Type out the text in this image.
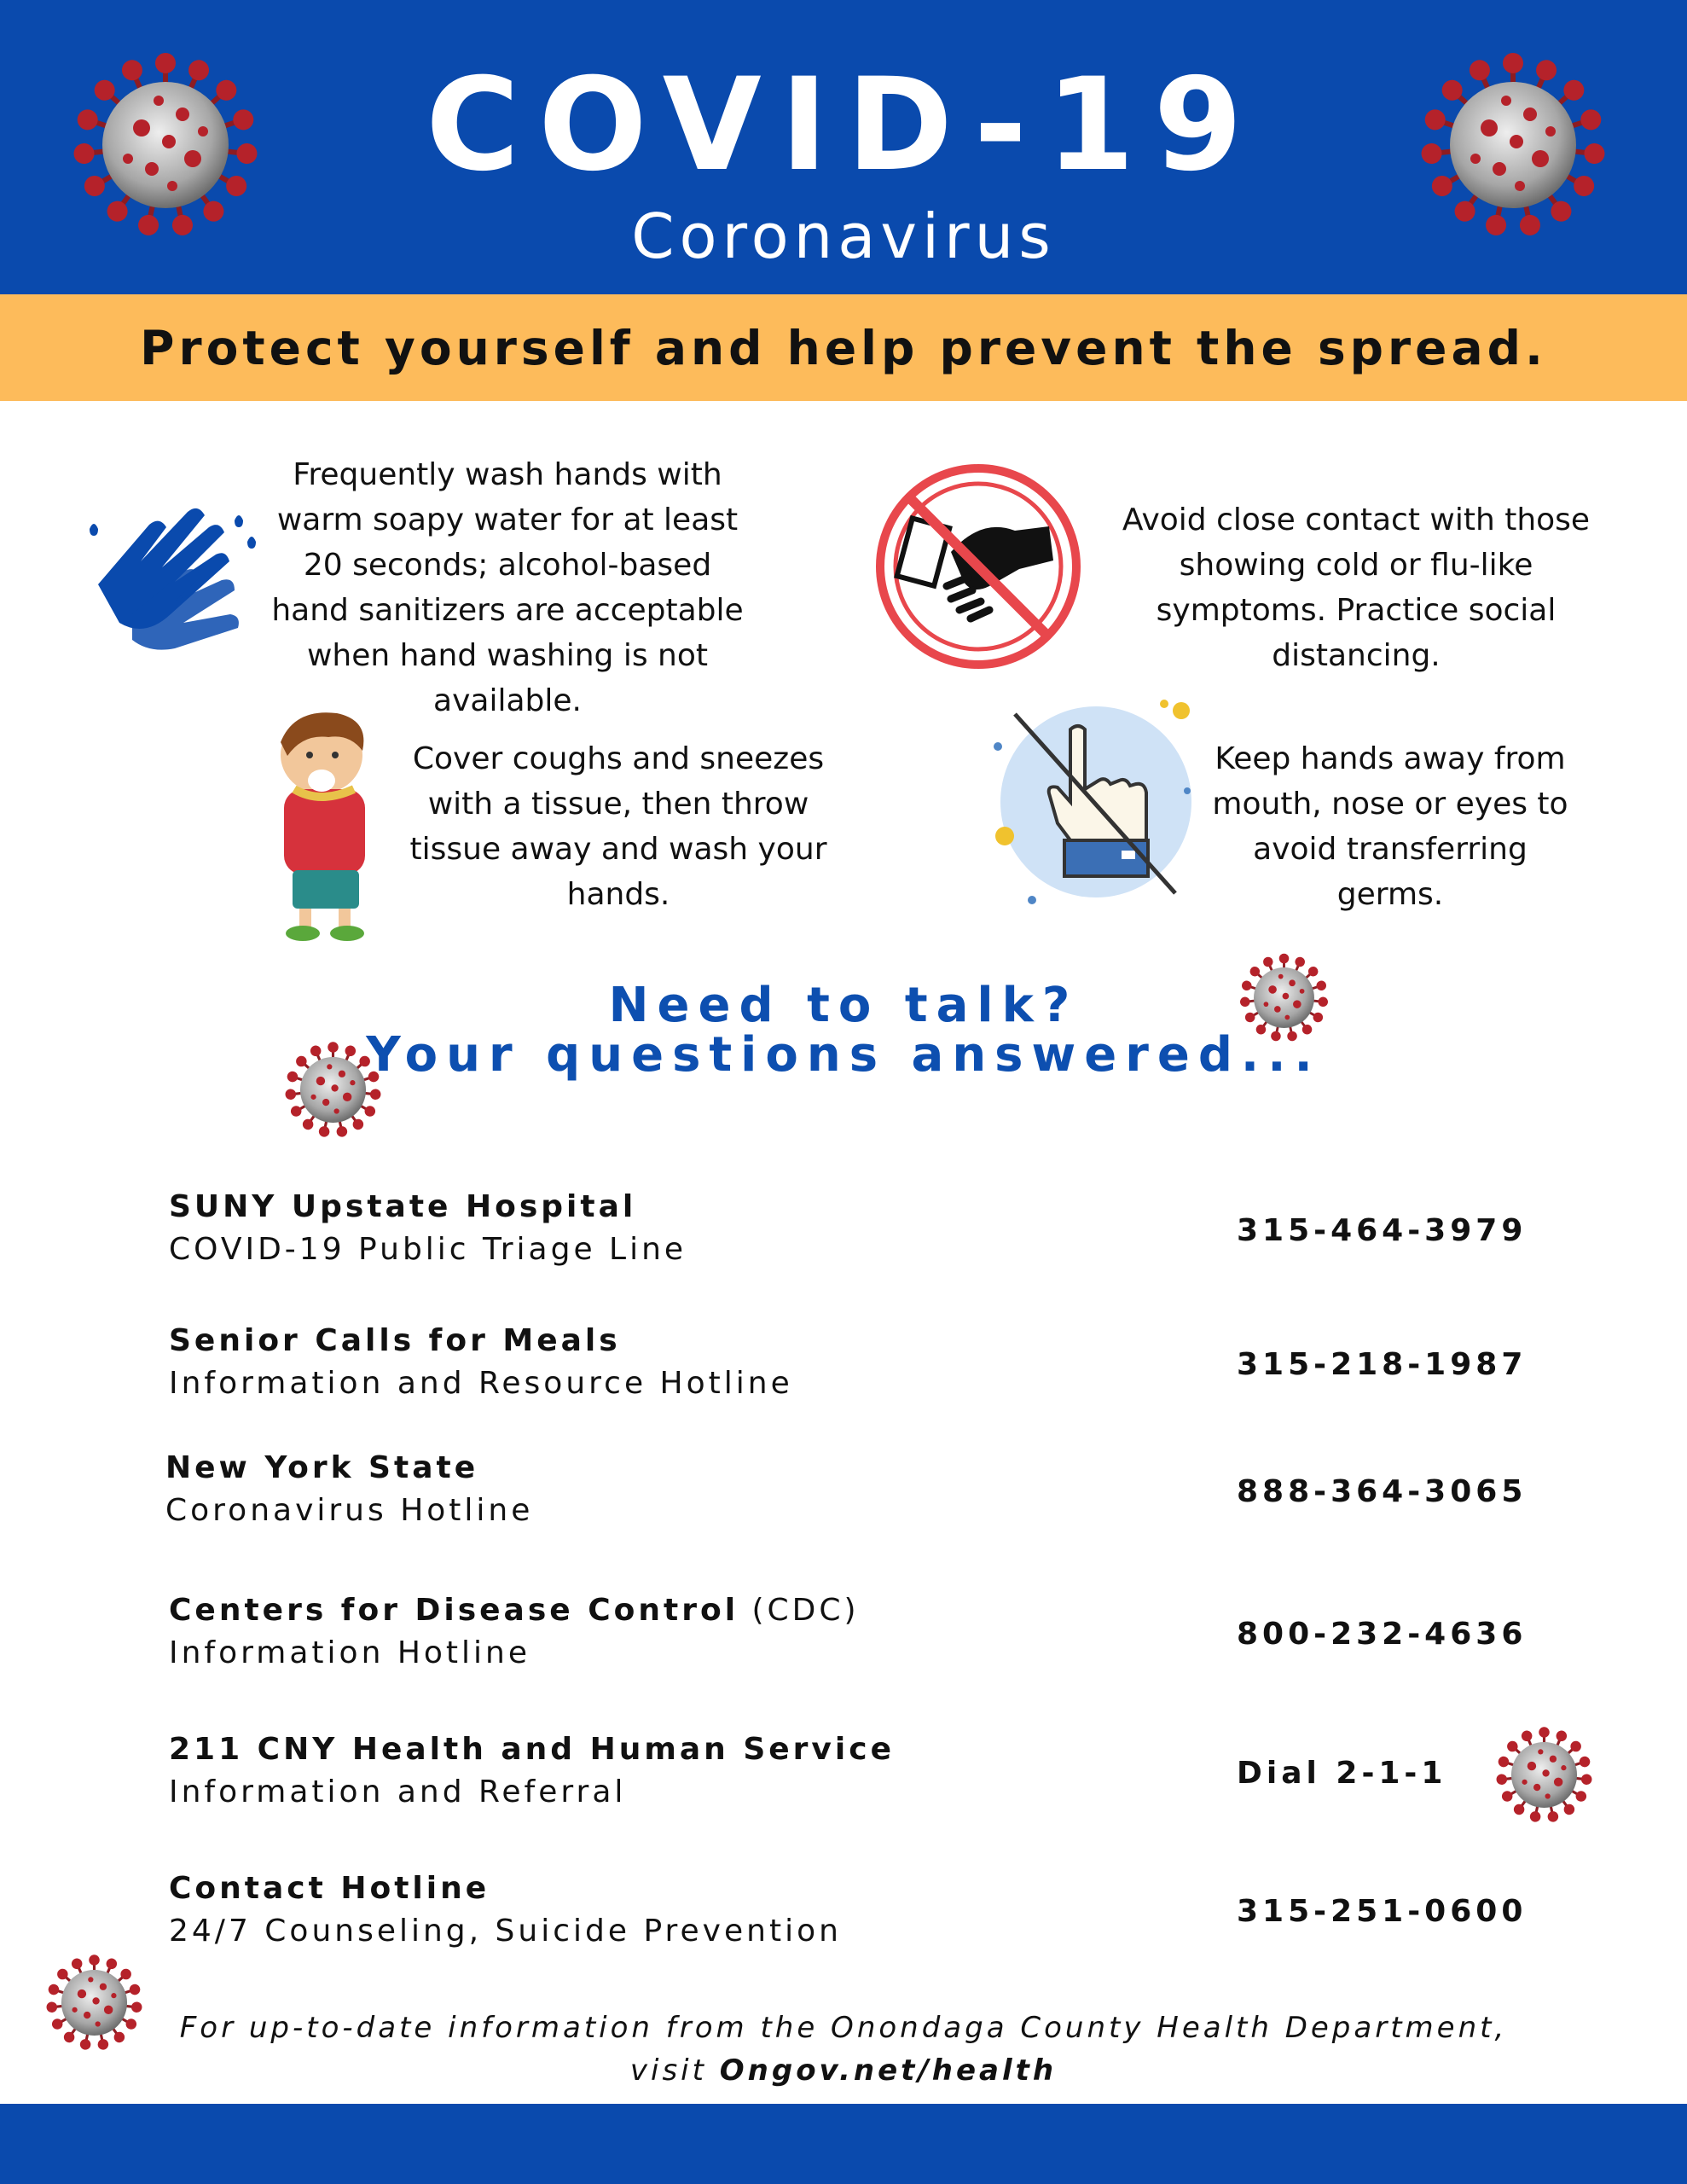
COVID-19
Coronavirus
Protect yourself and help prevent the spread.
Frequently wash hands with warm soapy water for at least 20 seconds; alcohol-based hand sanitizers are acceptable when hand washing is not available.
Avoid close contact with those showing cold or flu-like symptoms. Practice social distancing.
Cover coughs and sneezes with a tissue, then throw tissue away and wash your hands.
Keep hands away from mouth, nose or eyes to avoid transferring germs.
Need to talk?
Your questions answered...
SUNY Upstate Hospital
COVID-19 Public Triage Line
315-464-3979
Senior Calls for Meals
Information and Resource Hotline
315-218-1987
New York State
Coronavirus Hotline
888-364-3065
Centers for Disease Control (CDC)
Information Hotline
800-232-4636
211 CNY Health and Human Service
Information and Referral
Dial 2-1-1
Contact Hotline
24/7 Counseling, Suicide Prevention
315-251-0600
For up-to-date information from the Onondaga County Health Department,
visit Ongov.net/health
